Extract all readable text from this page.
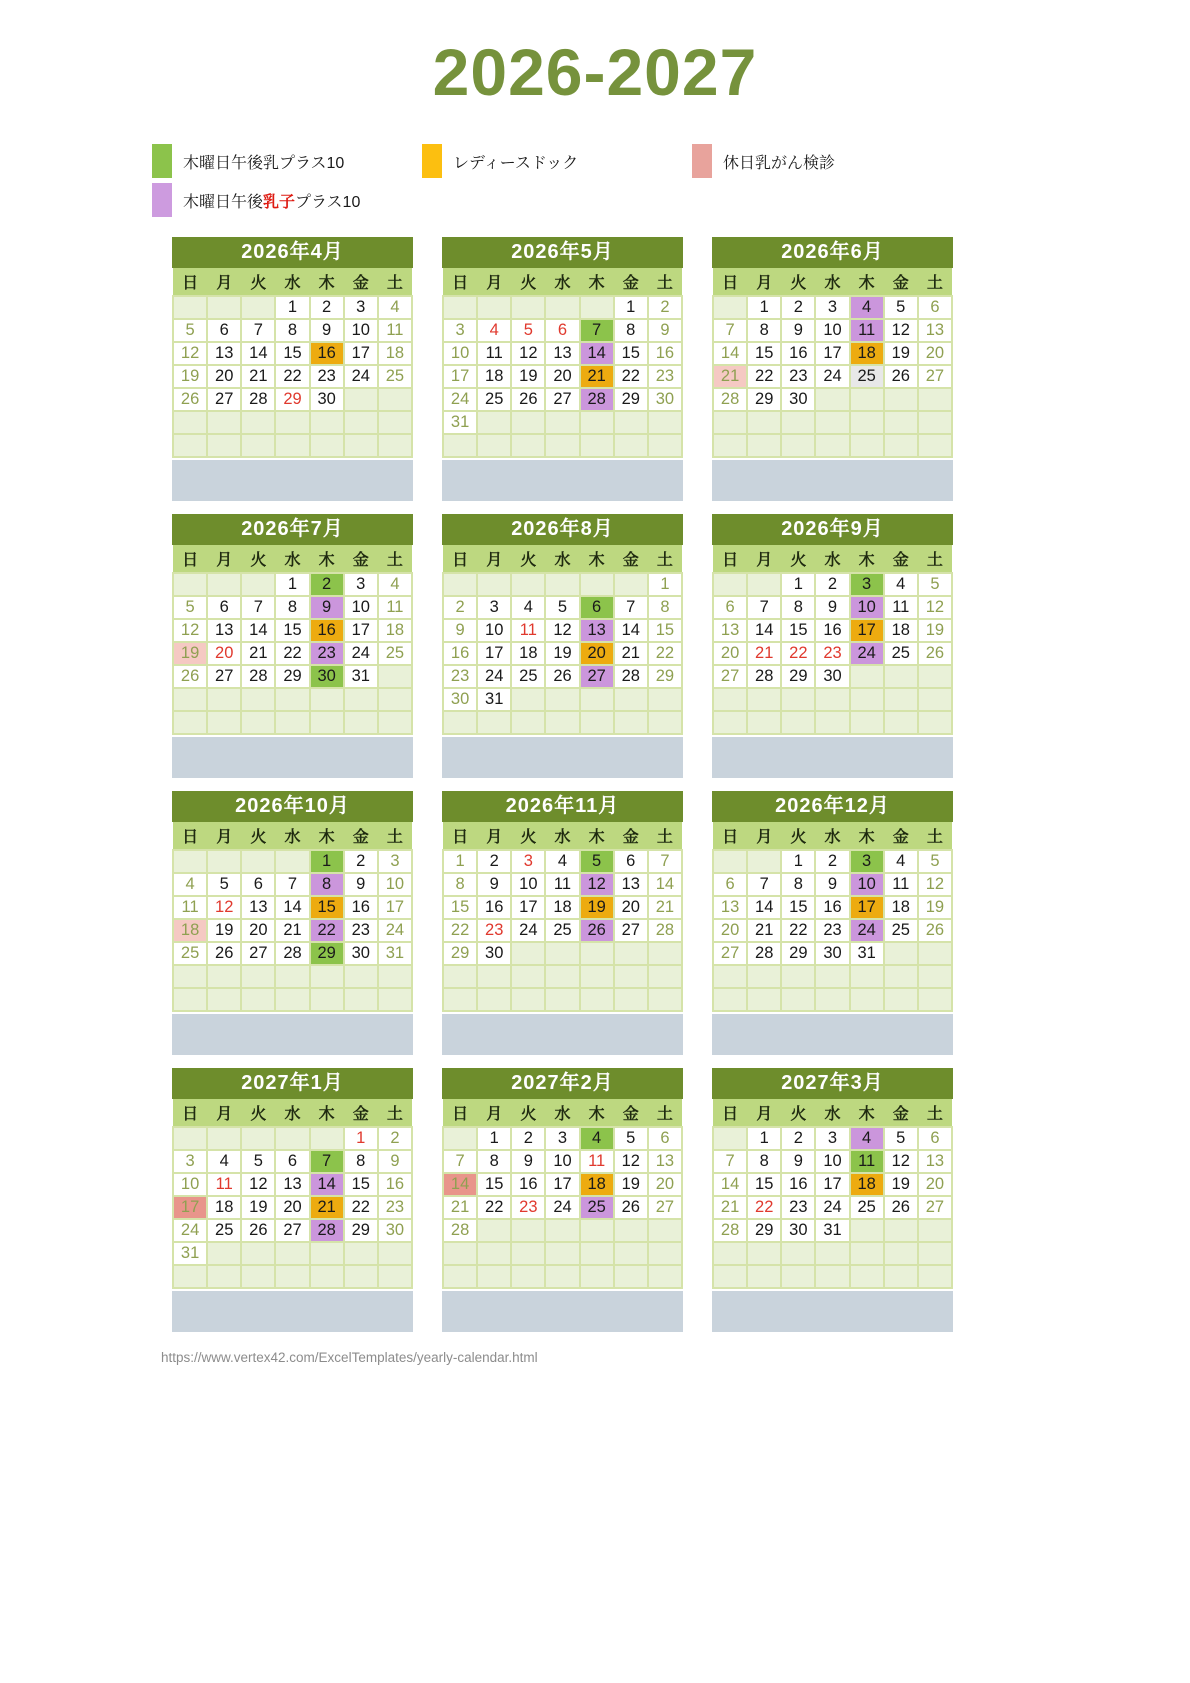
2026-2027
木曜日午後乳プラス10	レディースドック	休日乳がん検診
木曜日午後乳子プラス10
2026年4月
日	月	火	水	木	金	土
			1	2	3	4
5	6	7	8	9	10	11
12	13	14	15	16	17	18
19	20	21	22	23	24	25
26	27	28	29	30		

2026年5月
日	月	火	水	木	金	土
					1	2
3	4	5	6	7	8	9
10	11	12	13	14	15	16
17	18	19	20	21	22	23
24	25	26	27	28	29	30
31						

2026年6月
日	月	火	水	木	金	土
	1	2	3	4	5	6
7	8	9	10	11	12	13
14	15	16	17	18	19	20
21	22	23	24	25	26	27
28	29	30				

2026年7月
日	月	火	水	木	金	土
			1	2	3	4
5	6	7	8	9	10	11
12	13	14	15	16	17	18
19	20	21	22	23	24	25
26	27	28	29	30	31	

2026年8月
日	月	火	水	木	金	土
						1
2	3	4	5	6	7	8
9	10	11	12	13	14	15
16	17	18	19	20	21	22
23	24	25	26	27	28	29
30	31					

2026年9月
日	月	火	水	木	金	土
		1	2	3	4	5
6	7	8	9	10	11	12
13	14	15	16	17	18	19
20	21	22	23	24	25	26
27	28	29	30			

2026年10月
日	月	火	水	木	金	土
				1	2	3
4	5	6	7	8	9	10
11	12	13	14	15	16	17
18	19	20	21	22	23	24
25	26	27	28	29	30	31

2026年11月
日	月	火	水	木	金	土
1	2	3	4	5	6	7
8	9	10	11	12	13	14
15	16	17	18	19	20	21
22	23	24	25	26	27	28
29	30					

2026年12月
日	月	火	水	木	金	土
		1	2	3	4	5
6	7	8	9	10	11	12
13	14	15	16	17	18	19
20	21	22	23	24	25	26
27	28	29	30	31		

2027年1月
日	月	火	水	木	金	土
					1	2
3	4	5	6	7	8	9
10	11	12	13	14	15	16
17	18	19	20	21	22	23
24	25	26	27	28	29	30
31						

2027年2月
日	月	火	水	木	金	土
	1	2	3	4	5	6
7	8	9	10	11	12	13
14	15	16	17	18	19	20
21	22	23	24	25	26	27
28						

2027年3月
日	月	火	水	木	金	土
	1	2	3	4	5	6
7	8	9	10	11	12	13
14	15	16	17	18	19	20
21	22	23	24	25	26	27
28	29	30	31			

https://www.vertex42.com/ExcelTemplates/yearly-calendar.html
